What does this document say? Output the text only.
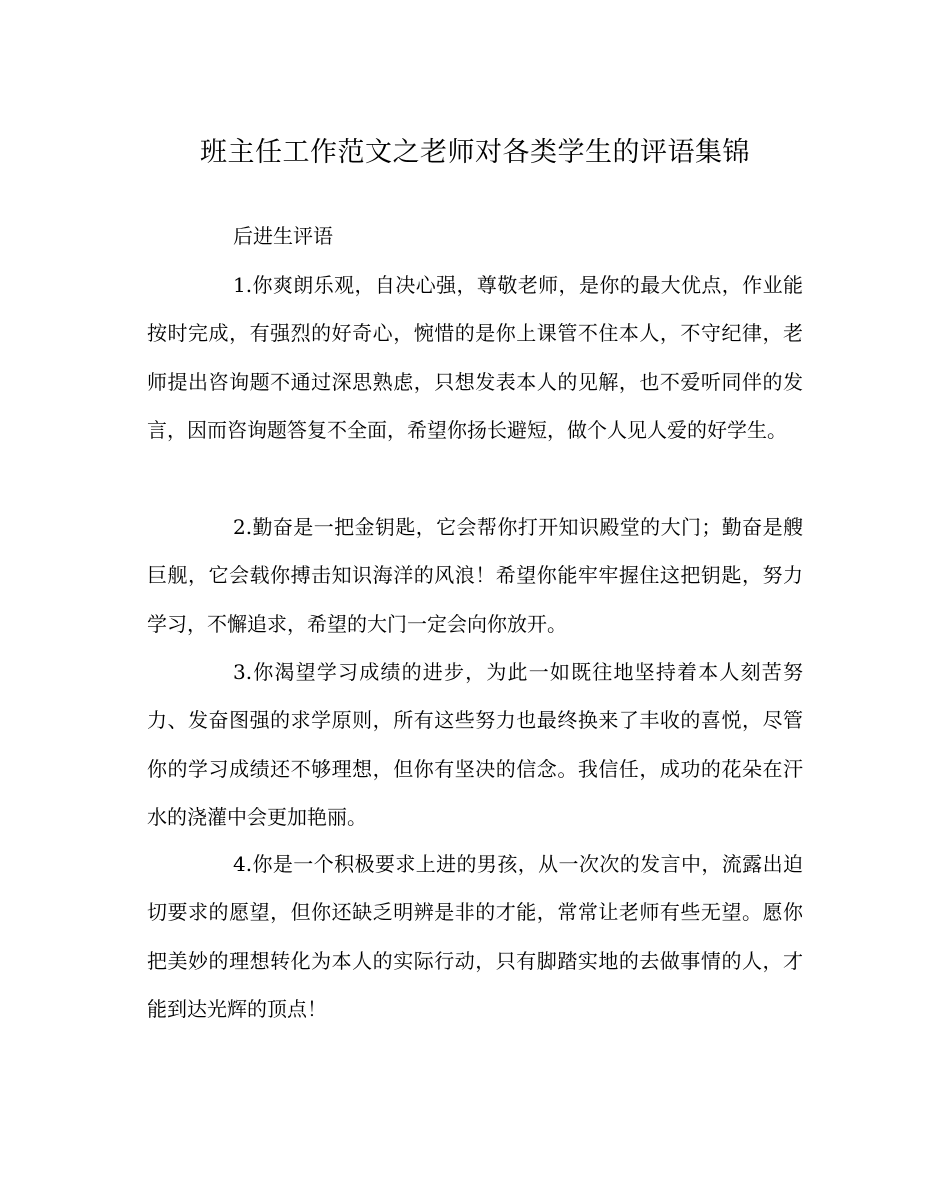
班主任工作范文之老师对各类学生的评语集锦
后进生评语

1.你爽朗乐观，自决心强，尊敬老师，是你的最大优点，作业能按时完成，有强烈的好奇心，惋惜的是你上课管不住本人，不守纪律，老师提出咨询题不通过深思熟虑，只想发表本人的见解，也不爱听同伴的发言，因而咨询题答复不全面，希望你扬长避短，做个人见人爱的好学生。

2.勤奋是一把金钥匙，它会帮你打开知识殿堂的大门；勤奋是艘巨舰，它会载你搏击知识海洋的风浪！希望你能牢牢握住这把钥匙，努力学习，不懈追求，希望的大门一定会向你放开。

3.你渴望学习成绩的进步，为此一如既往地坚持着本人刻苦努力、发奋图强的求学原则，所有这些努力也最终换来了丰收的喜悦，尽管你的学习成绩还不够理想，但你有坚决的信念。我信任，成功的花朵在汗水的浇灌中会更加艳丽。

4.你是一个积极要求上进的男孩，从一次次的发言中，流露出迫切要求的愿望，但你还缺乏明辨是非的才能，常常让老师有些无望。愿你把美妙的理想转化为本人的实际行动，只有脚踏实地的去做事情的人，才能到达光辉的顶点！
